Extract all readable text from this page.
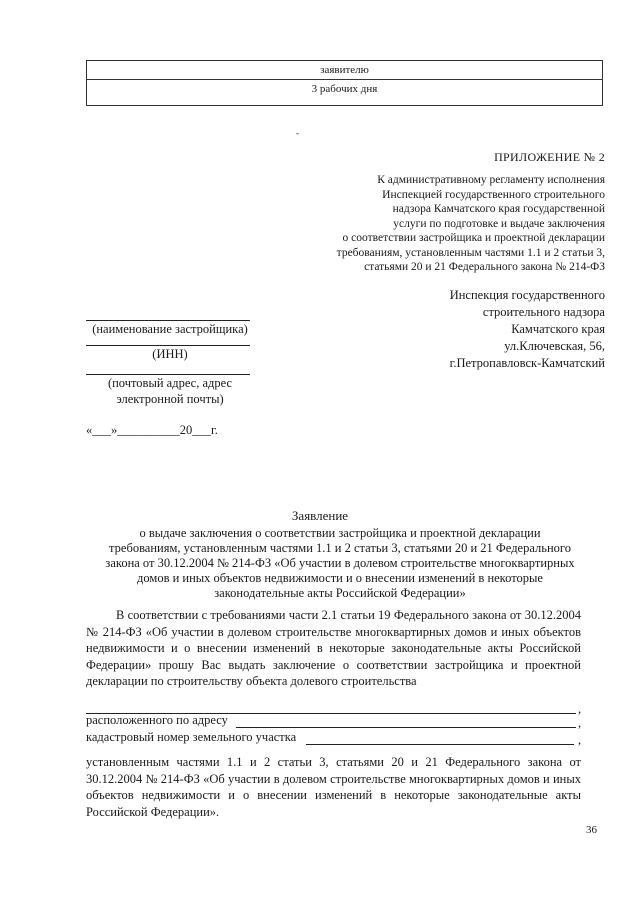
заявителю
3 рабочих дня
-
ПРИЛОЖЕНИЕ № 2
К административному регламенту исполнения
Инспекцией государственного строительного
надзора Камчатского края государственной
услуги по подготовке и выдаче заключения
о соответствии застройщика и проектной декларации
требованиям, установленным частями 1.1 и 2 статьи 3,
статьями 20 и 21 Федерального закона № 214-ФЗ
Инспекция государственного
строительного надзора
Камчатского края
ул.Ключевская, 56,
г.Петропавловск-Камчатский
(наименование застройщика)
(ИНН)
(почтовый адрес, адрес
электронной почты)
«___»__________20___г.
Заявление
о выдаче заключения о соответствии застройщика и проектной декларации
требованиям, установленным частями 1.1 и 2 статьи 3, статьями 20 и 21 Федерального
закона от 30.12.2004 № 214-ФЗ «Об участии в долевом строительстве многоквартирных
домов и иных объектов недвижимости и о внесении изменений в некоторые
законодательные акты Российской Федерации»
В соответствии с требованиями части 2.1 статьи 19 Федерального закона от 30.12.2004 № 214-ФЗ «Об участии в долевом строительстве многоквартирных домов и иных объектов недвижимости и о внесении изменений в некоторые законодательные акты Российской Федерации» прошу Вас выдать заключение о соответствии застройщика и проектной декларации по строительству объекта долевого строительства
,
расположенного по адресу	,
кадастровый номер земельного участка	,
установленным частями 1.1 и 2 статьи 3, статьями 20 и 21 Федерального закона от 30.12.2004 № 214-ФЗ «Об участии в долевом строительстве многоквартирных домов и иных объектов недвижимости и о внесении изменений в некоторые законодательные акты Российской Федерации».
36
